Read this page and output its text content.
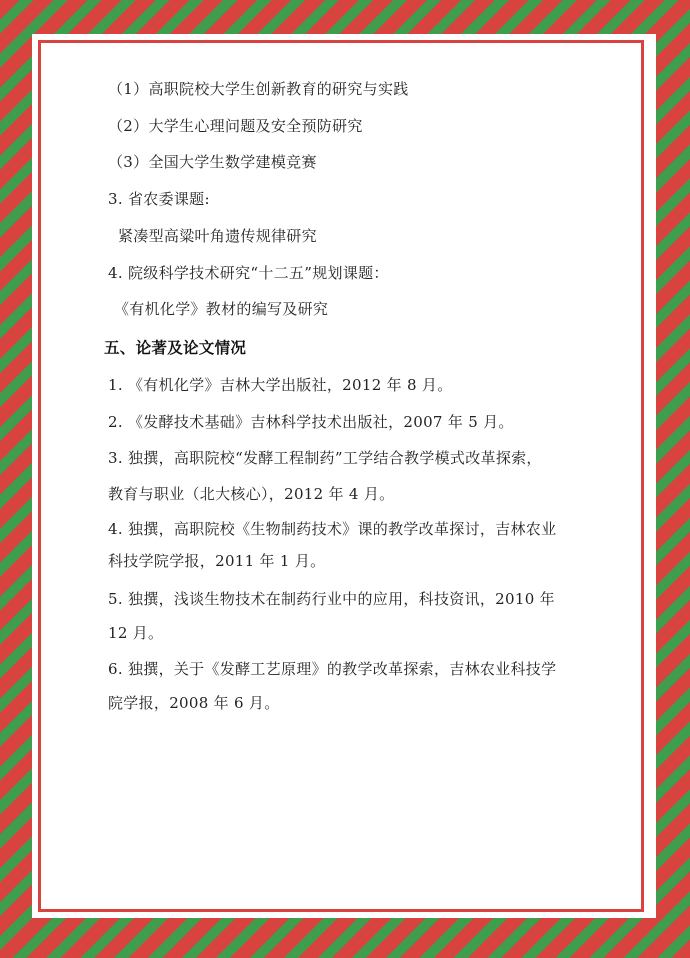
（1）高职院校大学生创新教育的研究与实践

（2）大学生心理问题及安全预防研究

（3）全国大学生数学建模竞赛

3. 省农委课题:

紧凑型高粱叶角遗传规律研究

4. 院级科学技术研究“十二五”规划课题：

《有机化学》教材的编写及研究

五、论著及论文情况

1. 《有机化学》吉林大学出版社，2012 年 8 月。

2. 《发酵技术基础》吉林科学技术出版社，2007 年 5 月。

3. 独撰，高职院校“发酵工程制药”工学结合教学模式改革探索，

教育与职业（北大核心），2012 年 4 月。

4. 独撰，高职院校《生物制药技术》课的教学改革探讨，吉林农业

科技学院学报，2011 年 1 月。

5. 独撰，浅谈生物技术在制药行业中的应用，科技资讯，2010 年

12 月。

6. 独撰，关于《发酵工艺原理》的教学改革探索，吉林农业科技学

院学报，2008 年 6 月。
